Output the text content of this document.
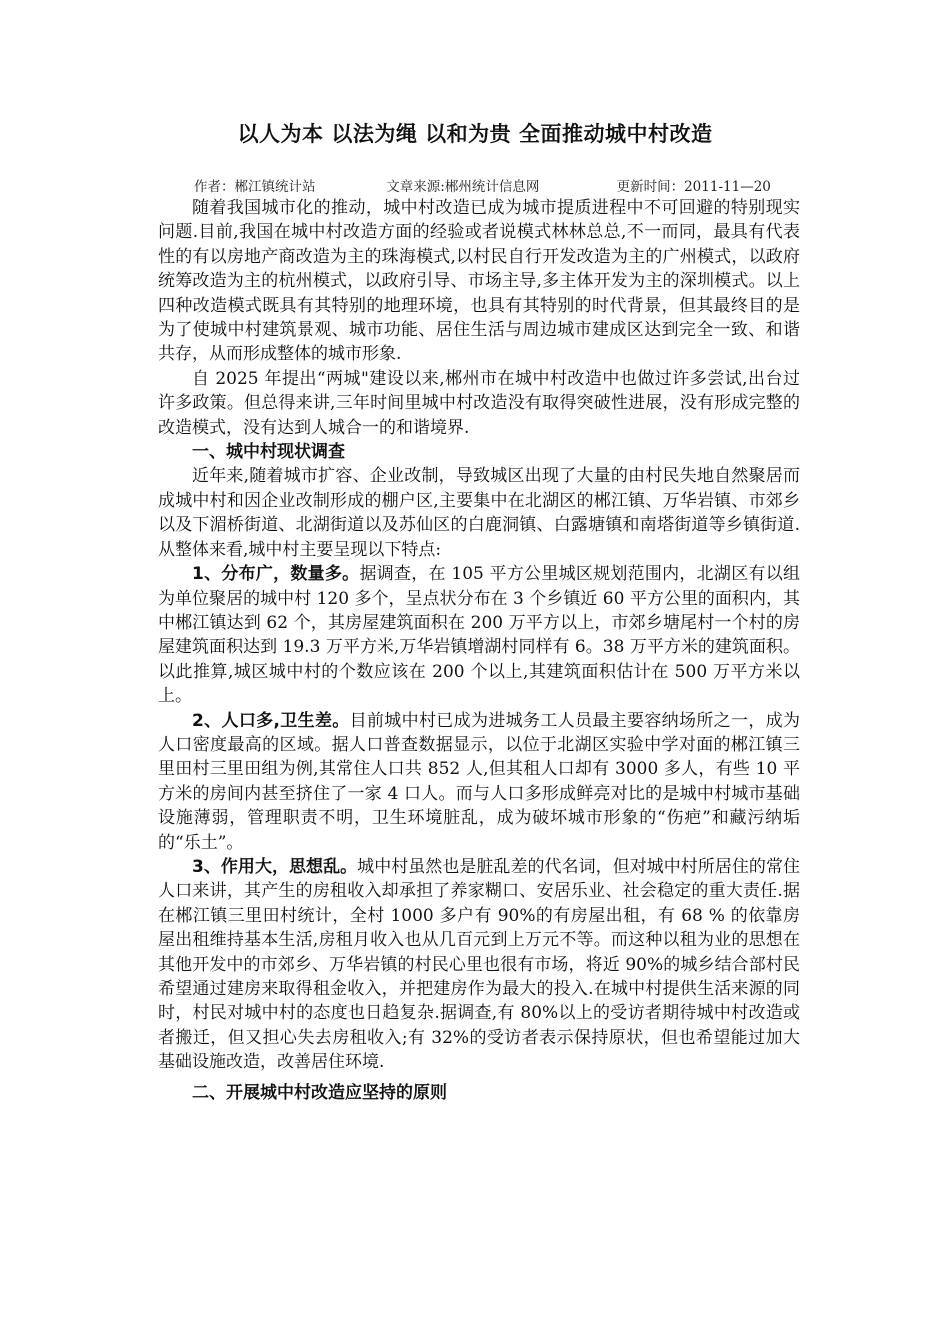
以人为本 以法为绳 以和为贵 全面推动城中村改造
作者：郴江镇统计站	文章来源:郴州统计信息网	更新时间：2011-11—20

随着我国城市化的推动，城中村改造已成为城市提质进程中不可回避的特别现实问题.目前,我国在城中村改造方面的经验或者说模式林林总总,不一而同，最具有代表性的有以房地产商改造为主的珠海模式,以村民自行开发改造为主的广州模式，以政府统筹改造为主的杭州模式，以政府引导、市场主导,多主体开发为主的深圳模式。以上四种改造模式既具有其特别的地理环境，也具有其特别的时代背景，但其最终目的是为了使城中村建筑景观、城市功能、居住生活与周边城市建成区达到完全一致、和谐共存，从而形成整体的城市形象.

自 2025 年提出“两城"建设以来,郴州市在城中村改造中也做过许多尝试,出台过许多政策。但总得来讲,三年时间里城中村改造没有取得突破性进展，没有形成完整的改造模式，没有达到人城合一的和谐境界.

一、城中村现状调查

近年来,随着城市扩容、企业改制，导致城区出现了大量的由村民失地自然聚居而成城中村和因企业改制形成的棚户区,主要集中在北湖区的郴江镇、万华岩镇、市郊乡以及下湄桥街道、北湖街道以及苏仙区的白鹿洞镇、白露塘镇和南塔街道等乡镇街道.从整体来看,城中村主要呈现以下特点:

1、分布广，数量多。据调查，在 105 平方公里城区规划范围内，北湖区有以组为单位聚居的城中村 120 多个，呈点状分布在 3 个乡镇近 60 平方公里的面积内，其中郴江镇达到 62 个，其房屋建筑面积在 200 万平方以上，市郊乡塘尾村一个村的房屋建筑面积达到 19.3 万平方米,万华岩镇增湖村同样有 6。38 万平方米的建筑面积。以此推算,城区城中村的个数应该在 200 个以上,其建筑面积估计在 500 万平方米以上。

2、人口多,卫生差。目前城中村已成为进城务工人员最主要容纳场所之一，成为人口密度最高的区域。据人口普查数据显示，以位于北湖区实验中学对面的郴江镇三里田村三里田组为例,其常住人口共 852 人,但其租人口却有 3000 多人，有些 10 平方米的房间内甚至挤住了一家 4 口人。而与人口多形成鲜亮对比的是城中村城市基础设施薄弱，管理职责不明，卫生环境脏乱，成为破坏城市形象的“伤疤”和藏污纳垢的“乐土”。

3、作用大，思想乱。城中村虽然也是脏乱差的代名词，但对城中村所居住的常住人口来讲，其产生的房租收入却承担了养家糊口、安居乐业、社会稳定的重大责任.据在郴江镇三里田村统计，全村 1000 多户有 90%的有房屋出租，有 68 % 的依靠房屋出租维持基本生活,房租月收入也从几百元到上万元不等。而这种以租为业的思想在其他开发中的市郊乡、万华岩镇的村民心里也很有市场，将近 90%的城乡结合部村民希望通过建房来取得租金收入，并把建房作为最大的投入.在城中村提供生活来源的同时，村民对城中村的态度也日趋复杂.据调查,有 80%以上的受访者期待城中村改造或者搬迁，但又担心失去房租收入;有 32%的受访者表示保持原状，但也希望能过加大基础设施改造，改善居住环境.

二、开展城中村改造应坚持的原则
